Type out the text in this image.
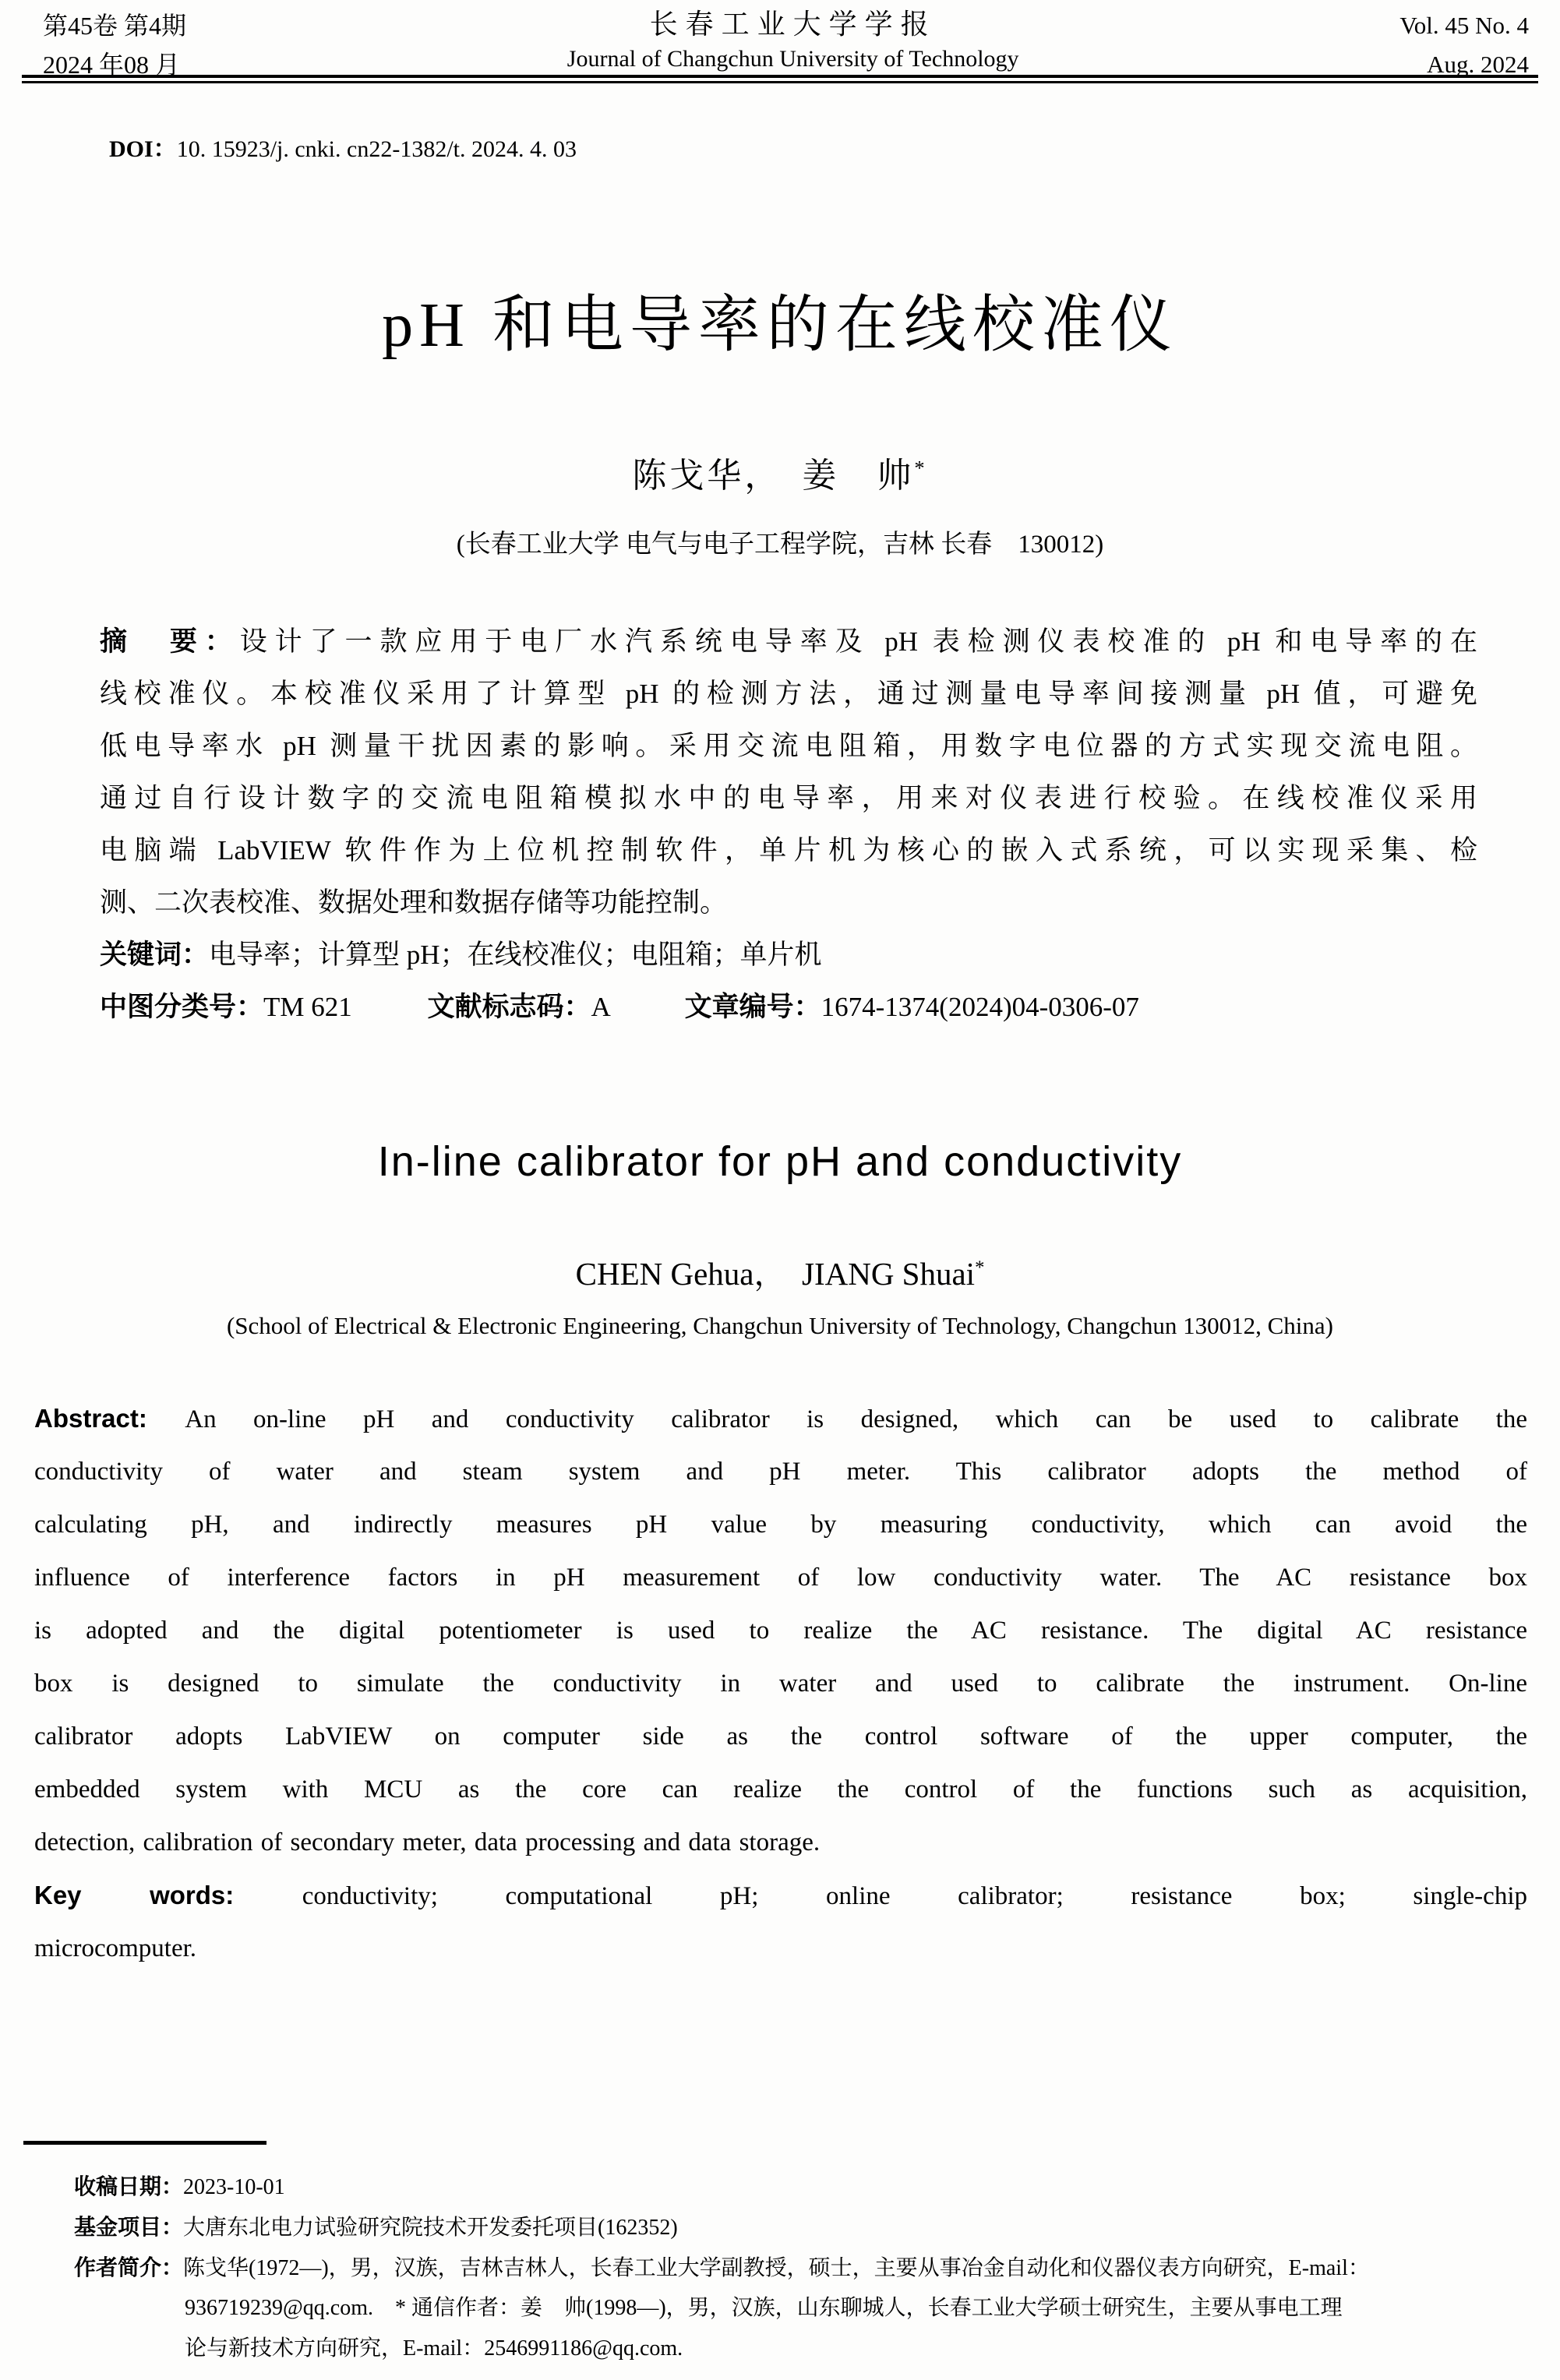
第45卷 第4期
2024 年08 月
长春工业大学学报
Journal of Changchun University of Technology
Vol. 45 No. 4
Aug. 2024
DOI：10. 15923/j. cnki. cn22-1382/t. 2024. 4. 03
pH 和电导率的在线校准仪
陈戈华，　姜　帅*
(长春工业大学 电气与电子工程学院，吉林 长春　130012)
摘　要：设计了一款应用于电厂水汽系统电导率及 pH 表检测仪表校准的 pH 和电导率的在
线校准仪。本校准仪采用了计算型 pH 的检测方法，通过测量电导率间接测量 pH 值，可避免
低电导率水 pH 测量干扰因素的影响。采用交流电阻箱，用数字电位器的方式实现交流电阻。
通过自行设计数字的交流电阻箱模拟水中的电导率，用来对仪表进行校验。在线校准仪采用
电脑端 LabVIEW 软件作为上位机控制软件，单片机为核心的嵌入式系统，可以实现采集、检
测、二次表校准、数据处理和数据存储等功能控制。
关键词：电导率；计算型 pH；在线校准仪；电阻箱；单片机
中图分类号：TM 621	文献标志码：A	文章编号：1674-1374(2024)04-0306-07
In-line calibrator for pH and conductivity
CHEN Gehua，　JIANG Shuai*
(School of Electrical & Electronic Engineering, Changchun University of Technology, Changchun 130012, China)
Abstract: An on-line pH and conductivity calibrator is designed, which can be used to calibrate the
conductivity of water and steam system and pH meter. This calibrator adopts the method of
calculating pH, and indirectly measures pH value by measuring conductivity, which can avoid the
influence of interference factors in pH measurement of low conductivity water. The AC resistance box
is adopted and the digital potentiometer is used to realize the AC resistance. The digital AC resistance
box is designed to simulate the conductivity in water and used to calibrate the instrument. On-line
calibrator adopts LabVIEW on computer side as the control software of the upper computer, the
embedded system with MCU as the core can realize the control of the functions such as acquisition,
detection, calibration of secondary meter, data processing and data storage.
Key words: conductivity; computational pH; online calibrator; resistance box; single-chip
microcomputer.
收稿日期：2023-10-01
基金项目：大唐东北电力试验研究院技术开发委托项目(162352)
作者简介：陈戈华(1972—)，男，汉族，吉林吉林人，长春工业大学副教授，硕士，主要从事冶金自动化和仪器仪表方向研究，E-mail：
936719239@qq.com.　* 通信作者：姜　帅(1998—)，男，汉族，山东聊城人，长春工业大学硕士研究生，主要从事电工理
论与新技术方向研究，E-mail：2546991186@qq.com.
